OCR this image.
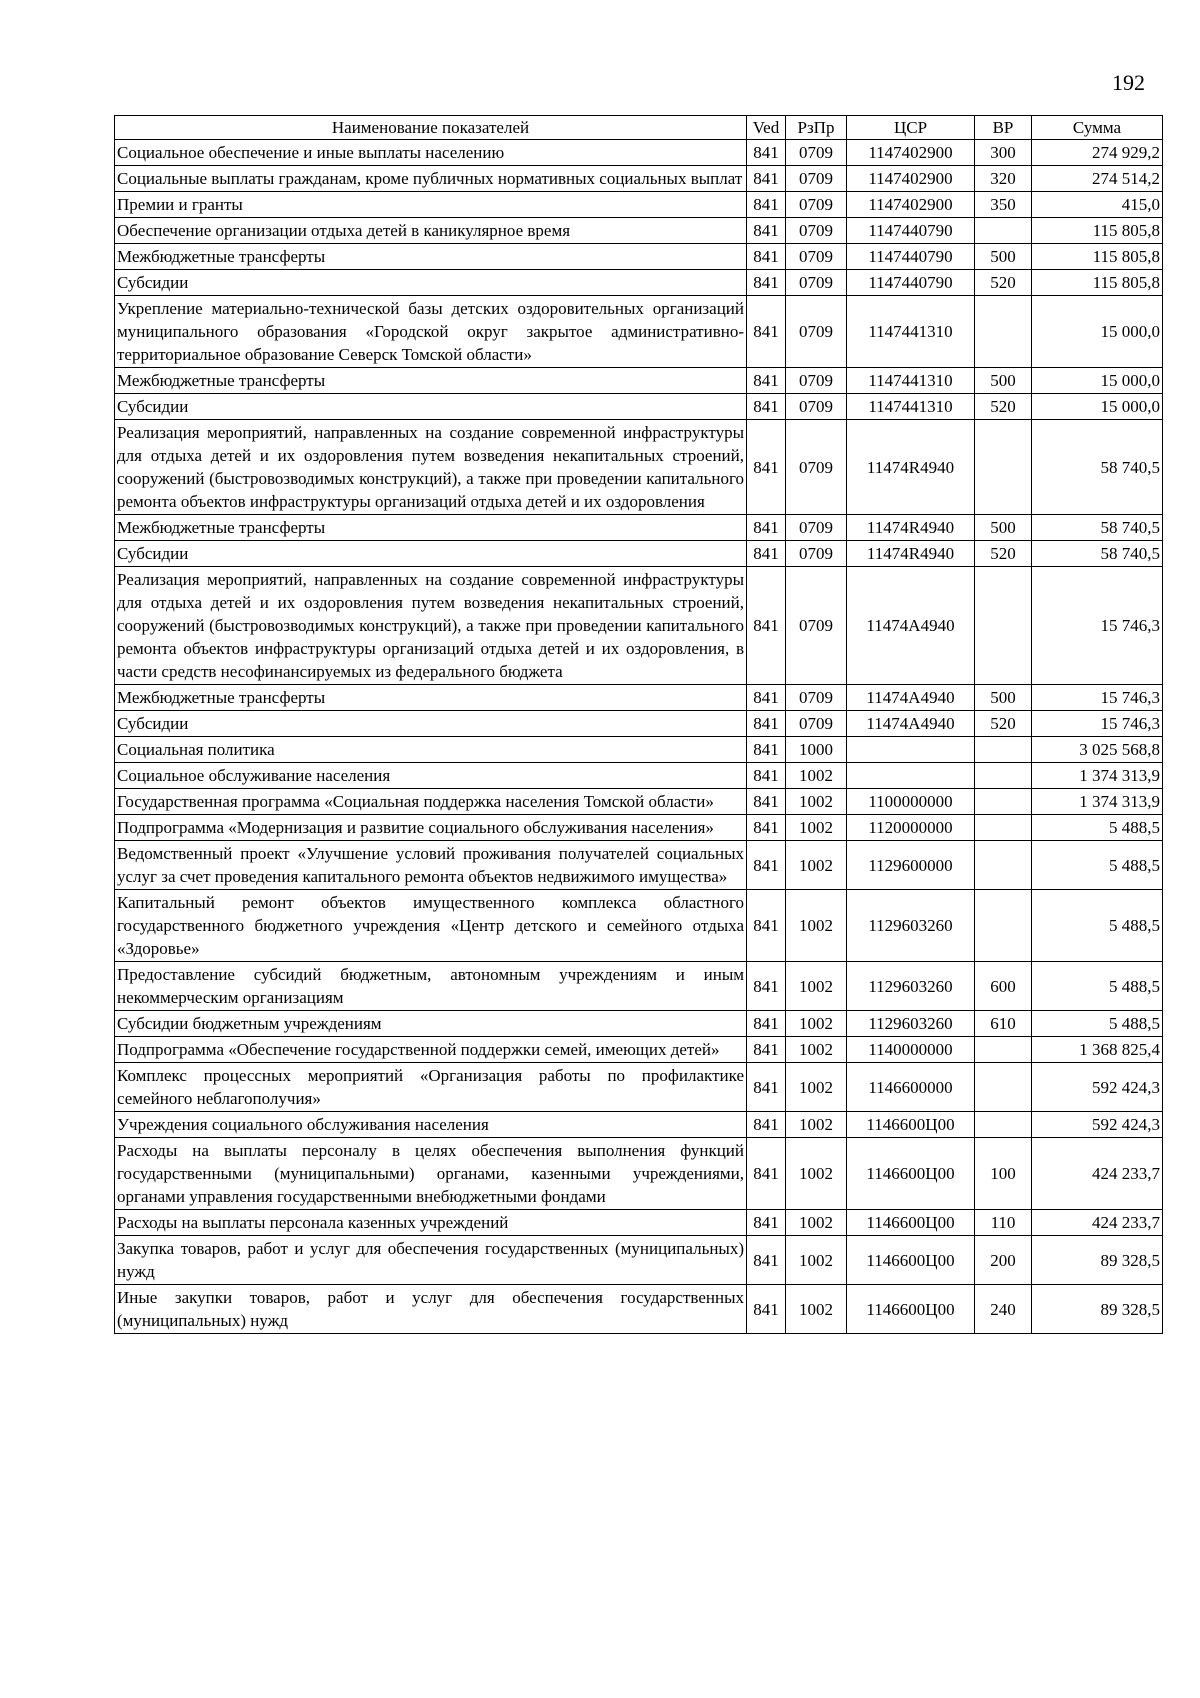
192
Наименование показателей	Ved	РзПр	ЦСР	ВР	Сумма
Социальное обеспечение и иные выплаты населению	841	0709	1147402900	300	274 929,2
Социальные выплаты гражданам, кроме публичных нормативных социальных выплат	841	0709	1147402900	320	274 514,2
Премии и гранты	841	0709	1147402900	350	415,0
Обеспечение организации отдыха детей в каникулярное время	841	0709	1147440790		115 805,8
Межбюджетные трансферты	841	0709	1147440790	500	115 805,8
Субсидии	841	0709	1147440790	520	115 805,8
Укрепление материально-технической базы детских оздоровительных организаций муниципального образования «Городской округ закрытое административно-территориальное образование Северск Томской области»	841	0709	1147441310		15 000,0
Межбюджетные трансферты	841	0709	1147441310	500	15 000,0
Субсидии	841	0709	1147441310	520	15 000,0
Реализация мероприятий, направленных на создание современной инфраструктуры для отдыха детей и их оздоровления путем возведения некапитальных строений, сооружений (быстровозводимых конструкций), а также при проведении капитального ремонта объектов инфраструктуры организаций отдыха детей и их оздоровления	841	0709	11474R4940		58 740,5
Межбюджетные трансферты	841	0709	11474R4940	500	58 740,5
Субсидии	841	0709	11474R4940	520	58 740,5
Реализация мероприятий, направленных на создание современной инфраструктуры для отдыха детей и их оздоровления путем возведения некапитальных строений, сооружений (быстровозводимых конструкций), а также при проведении капитального ремонта объектов инфраструктуры организаций отдыха детей и их оздоровления, в части средств несофинансируемых из федерального бюджета	841	0709	11474A4940		15 746,3
Межбюджетные трансферты	841	0709	11474A4940	500	15 746,3
Субсидии	841	0709	11474A4940	520	15 746,3
Социальная политика	841	1000			3 025 568,8
Социальное обслуживание населения	841	1002			1 374 313,9
Государственная программа «Социальная поддержка населения Томской области»	841	1002	1100000000		1 374 313,9
Подпрограмма «Модернизация и развитие социального обслуживания населения»	841	1002	1120000000		5 488,5
Ведомственный проект «Улучшение условий проживания получателей социальных услуг за счет проведения капитального ремонта объектов недвижимого имущества»	841	1002	1129600000		5 488,5
Капитальный ремонт объектов имущественного комплекса областного государственного бюджетного учреждения «Центр детского и семейного отдыха «Здоровье»	841	1002	1129603260		5 488,5
Предоставление субсидий бюджетным, автономным учреждениям и иным некоммерческим организациям	841	1002	1129603260	600	5 488,5
Субсидии бюджетным учреждениям	841	1002	1129603260	610	5 488,5
Подпрограмма «Обеспечение государственной поддержки семей, имеющих детей»	841	1002	1140000000		1 368 825,4
Комплекс процессных мероприятий «Организация работы по профилактике семейного неблагополучия»	841	1002	1146600000		592 424,3
Учреждения социального обслуживания населения	841	1002	1146600Ц00		592 424,3
Расходы на выплаты персоналу в целях обеспечения выполнения функций государственными (муниципальными) органами, казенными учреждениями, органами управления государственными внебюджетными фондами	841	1002	1146600Ц00	100	424 233,7
Расходы на выплаты персонала казенных учреждений	841	1002	1146600Ц00	110	424 233,7
Закупка товаров, работ и услуг для обеспечения государственных (муниципальных) нужд	841	1002	1146600Ц00	200	89 328,5
Иные закупки товаров, работ и услуг для обеспечения государственных (муниципальных) нужд	841	1002	1146600Ц00	240	89 328,5
